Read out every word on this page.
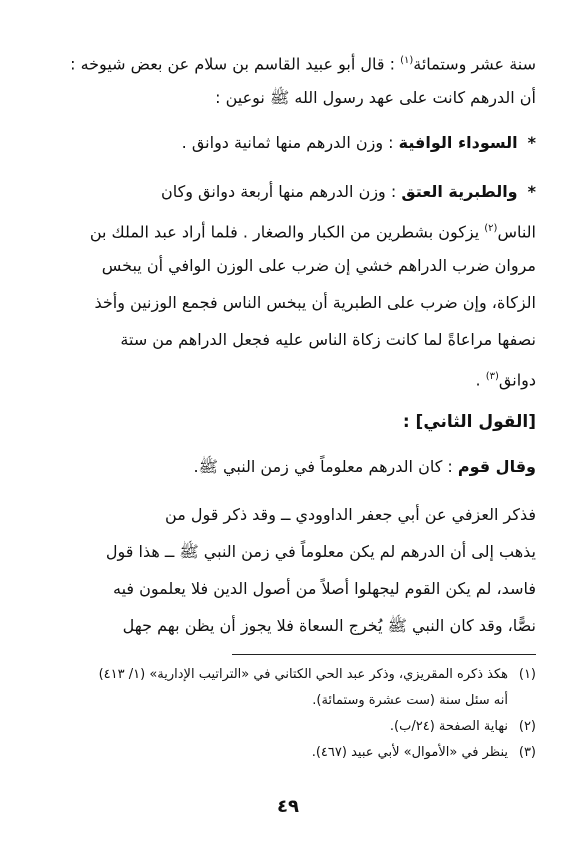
سنة عشر وستمائة$^{(١)}$ : قال أبو عبيد القاسم بن سلام عن بعض شيوخه :
أن الدرهم كانت على عهد رسول الله ﷺ نوعين :
*السوداء الوافية : وزن الدرهم منها ثمانية دوانق .
*والطبرية العتق : وزن الدرهم منها أربعة دوانق وكان
الناس$^{(٢)}$ يزكون بشطرين من الكبار والصغار . فلما أراد عبد الملك بن
مروان ضرب الدراهم خشي إن ضرب على الوزن الوافي أن يبخس
الزكاة، وإن ضرب على الطبرية أن يبخس الناس فجمع الوزنين وأخذ
نصفها مراعاةً لما كانت زكاة الناس عليه فجعل الدراهم من ستة
دوانق$^{(٣)}$ .
[القول الثاني] :
وقال قوم : كان الدرهم معلوماً في زمن النبي ﷺ.
فذكر العزفي عن أبي جعفر الداوودي ــ وقد ذكر قول من
يذهب إلى أن الدرهم لم يكن معلوماً في زمن النبي ﷺ ــ هذا قول
فاسد، لم يكن القوم ليجهلوا أصلاً من أصول الدين فلا يعلمون فيه
نصًّا، وقد كان النبي ﷺ يُخرج السعاة فلا يجوز أن يظن بهم جهل
(١)هكذ ذكره المقريزي، وذكر عبد الحي الكتاني في «التراتيب الإدارية» (١/ ٤١٣)
أنه سئل سنة (ست عشرة وستمائة).
(٢)نهاية الصفحة (٢٤/ب).
(٣)ينظر في «الأموال» لأبي عبيد (٤٦٧).
٤٩
